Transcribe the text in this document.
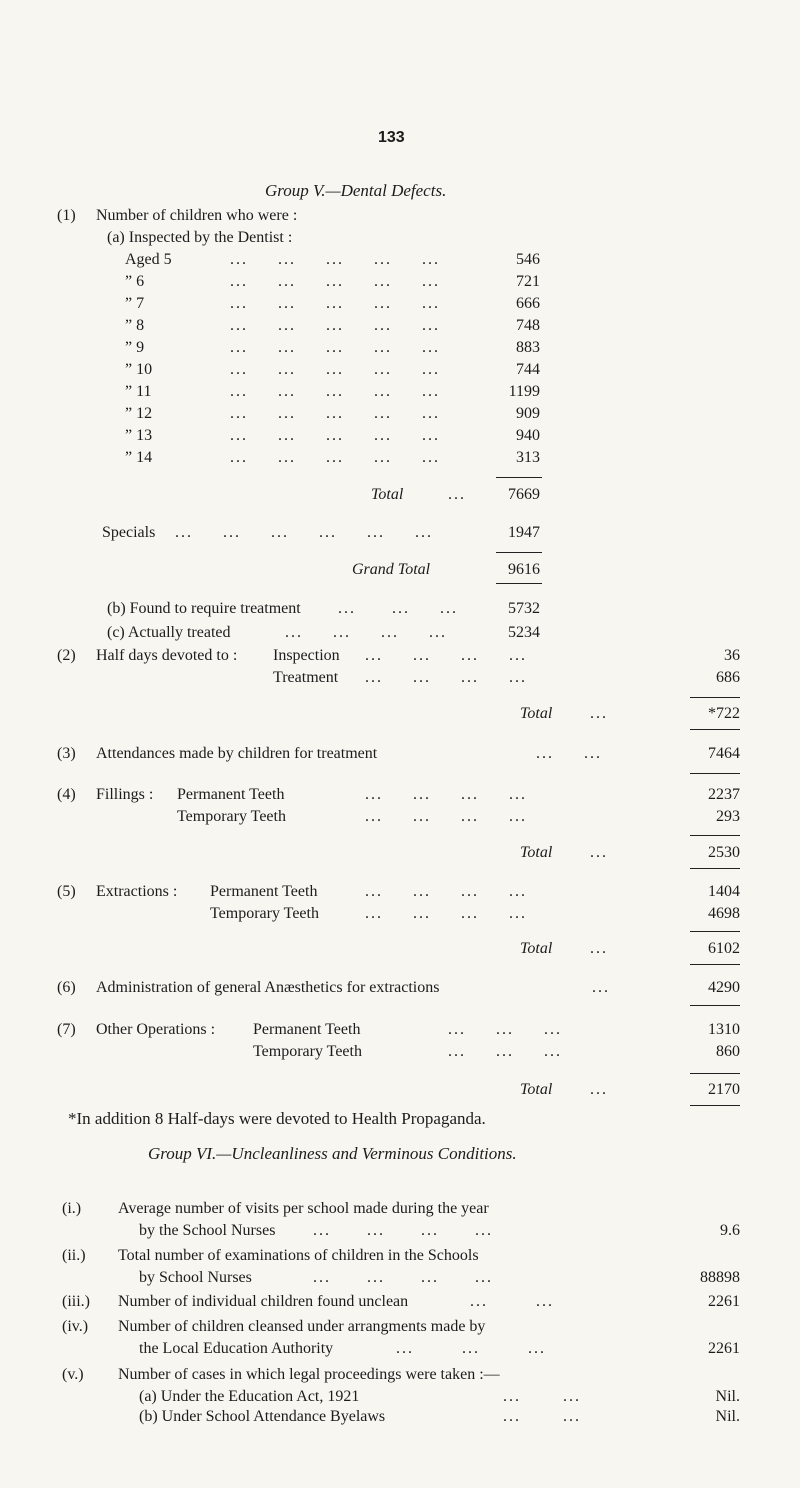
133
Group V.—Dental Defects.
(1) Number of children who were :
(a) Inspected by the Dentist :
Aged 5	...     ...     ...     ...     ...	546
” 6	...     ...     ...     ...     ...	721
” 7	...     ...     ...     ...     ...	666
” 8	...     ...     ...     ...     ...	748
” 9	...     ...     ...     ...     ...	883
” 10	...     ...     ...     ...     ...	744
” 11	...     ...     ...     ...     ...	1199
” 12	...     ...     ...     ...     ...	909
” 13	...     ...     ...     ...     ...	940
” 14	...     ...     ...     ...     ...	313
Total	...	7669
Specials ...     ...     ...     ...     ...     ...	1947
Grand Total	9616
(b) Found to require treatment ...      ...     ...	5732
(c) Actually treated	...     ...     ...     ...	5234
(2) Half days devoted to : Inspection ...     ...     ...     ...	36
Treatment ...     ...     ...     ...	686
Total ...	*722
(3) Attendances made by children for treatment	...     ...	7464
(4) Fillings : Permanent Teeth	...     ...     ...     ...	2237
Temporary Teeth	...     ...     ...     ...	293
Total ...	2530
(5) Extractions : Permanent Teeth	...     ...     ...     ...	1404
Temporary Teeth	...     ...     ...     ...	4698
Total ...	6102
(6) Administration of general Anæsthetics for extractions	...	4290
(7) Other Operations : Permanent Teeth	...     ...     ...	1310
Temporary Teeth	...     ...     ...	860
Total ...	2170
*In addition 8 Half-days were devoted to Health Propaganda.
Group VI.—Uncleanliness and Verminous Conditions.
(i.) Average number of visits per school made during the year
by the School Nurses ...      ...      ...      ...	9.6
(ii.) Total number of examinations of children in the Schools
by School Nurses	...      ...      ...      ...	88898
(iii.) Number of individual children found unclean	...        ...	2261
(iv.) Number of children cleansed under arrangments made by
the Local Education Authority	...        ...        ...	2261
(v.) Number of cases in which legal proceedings were taken :—
(a) Under the Education Act, 1921	...       ...	Nil.
(b) Under School Attendance Byelaws	...       ...	Nil.
